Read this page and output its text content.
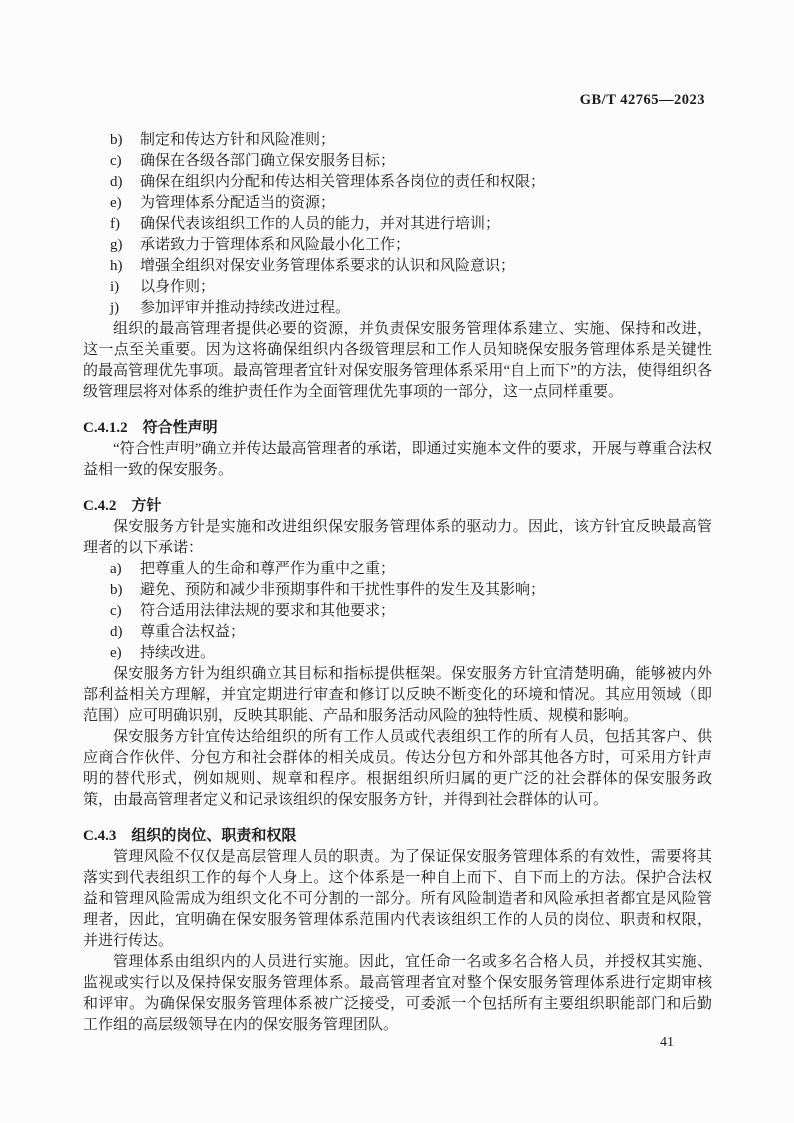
GB/T 42765—2023
b)	制定和传达方针和风险准则；
c)	确保在各级各部门确立保安服务目标；
d)	确保在组织内分配和传达相关管理体系各岗位的责任和权限；
e)	为管理体系分配适当的资源；
f)	确保代表该组织工作的人员的能力，并对其进行培训；
g)	承诺致力于管理体系和风险最小化工作；
h)	增强全组织对保安业务管理体系要求的认识和风险意识；
i)	以身作则；
j)	参加评审并推动持续改进过程。

组织的最高管理者提供必要的资源，并负责保安服务管理体系建立、实施、保持和改进，这一点至关重要。因为这将确保组织内各级管理层和工作人员知晓保安服务管理体系是关键性的最高管理优先事项。最高管理者宜针对保安服务管理体系采用“自上而下”的方法，使得组织各级管理层将对体系的维护责任作为全面管理优先事项的一部分，这一点同样重要。

C.4.1.2 符合性声明

“符合性声明”确立并传达最高管理者的承诺，即通过实施本文件的要求，开展与尊重合法权益相一致的保安服务。

C.4.2 方针

保安服务方针是实施和改进组织保安服务管理体系的驱动力。因此，该方针宜反映最高管理者的以下承诺：

a)	把尊重人的生命和尊严作为重中之重；
b)	避免、预防和减少非预期事件和干扰性事件的发生及其影响；
c)	符合适用法律法规的要求和其他要求；
d)	尊重合法权益；
e)	持续改进。

保安服务方针为组织确立其目标和指标提供框架。保安服务方针宜清楚明确，能够被内外部利益相关方理解，并宜定期进行审查和修订以反映不断变化的环境和情况。其应用领域（即范围）应可明确识别，反映其职能、产品和服务活动风险的独特性质、规模和影响。

保安服务方针宜传达给组织的所有工作人员或代表组织工作的所有人员，包括其客户、供应商合作伙伴、分包方和社会群体的相关成员。传达分包方和外部其他各方时，可采用方针声明的替代形式，例如规则、规章和程序。根据组织所归属的更广泛的社会群体的保安服务政策，由最高管理者定义和记录该组织的保安服务方针，并得到社会群体的认可。

C.4.3 组织的岗位、职责和权限

管理风险不仅仅是高层管理人员的职责。为了保证保安服务管理体系的有效性，需要将其落实到代表组织工作的每个人身上。这个体系是一种自上而下、自下而上的方法。保护合法权益和管理风险需成为组织文化不可分割的一部分。所有风险制造者和风险承担者都宜是风险管理者，因此，宜明确在保安服务管理体系范围内代表该组织工作的人员的岗位、职责和权限，并进行传达。

管理体系由组织内的人员进行实施。因此，宜任命一名或多名合格人员，并授权其实施、监视或实行以及保持保安服务管理体系。最高管理者宜对整个保安服务管理体系进行定期审核和评审。为确保保安服务管理体系被广泛接受，可委派一个包括所有主要组织职能部门和后勤工作组的高层级领导在内的保安服务管理团队。

41
